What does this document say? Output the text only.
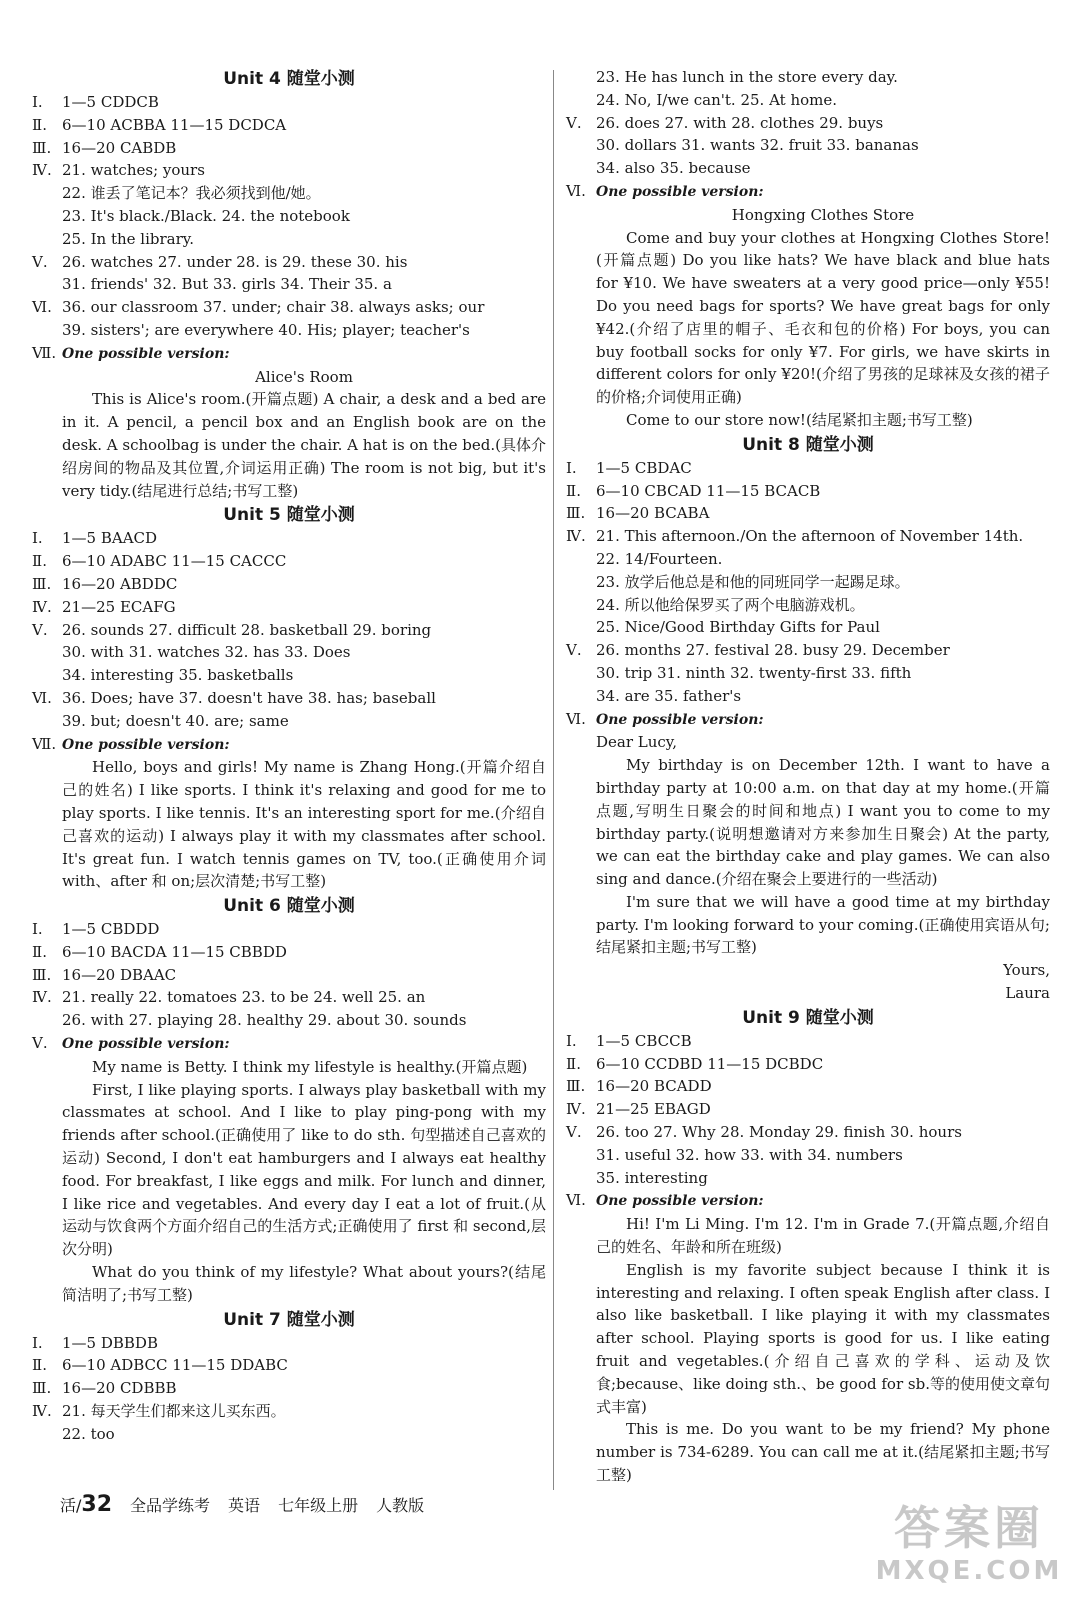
Unit 4 随堂小测
Ⅰ.	1—5 CDDCB
Ⅱ.	6—10 ACBBA 11—15 DCDCA
Ⅲ. 16—20 CABDB
Ⅳ. 21. watches; yours
22. 谁丢了笔记本？我必须找到他/她。
23. It's black./Black. 24. the notebook
25. In the library.
Ⅴ. 26. watches 27. under 28. is 29. these 30. his
31. friends' 32. But 33. girls 34. Their 35. a
Ⅵ. 36. our classroom 37. under; chair 38. always asks; our
39. sisters'; are everywhere 40. His; player; teacher's
Ⅶ. One possible version:

Alice's Room

This is Alice's room.(开篇点题) A chair, a desk and a bed are in it. A pencil, a pencil box and an English book are on the desk. A schoolbag is under the chair. A hat is on the bed.(具体介绍房间的物品及其位置,介词运用正确) The room is not big, but it's very tidy.(结尾进行总结;书写工整)

Unit 5 随堂小测
Ⅰ.	1—5 BAACD
Ⅱ.	6—10 ADABC 11—15 CACCC
Ⅲ. 16—20 ABDDC
Ⅳ. 21—25 ECAFG
Ⅴ. 26. sounds 27. difficult 28. basketball 29. boring
30. with 31. watches 32. has 33. Does
34. interesting 35. basketballs
Ⅵ. 36. Does; have 37. doesn't have 38. has; baseball
39. but; doesn't 40. are; same
Ⅶ. One possible version:

Hello, boys and girls! My name is Zhang Hong.(开篇介绍自己的姓名) I like sports. I think it's relaxing and good for me to play sports. I like tennis. It's an interesting sport for me.(介绍自己喜欢的运动) I always play it with my classmates after school. It's great fun. I watch tennis games on TV, too.(正确使用介词 with、after 和 on;层次清楚;书写工整)

Unit 6 随堂小测
Ⅰ.	1—5 CBDDD
Ⅱ.	6—10 BACDA 11—15 CBBDD
Ⅲ. 16—20 DBAAC
Ⅳ. 21. really 22. tomatoes 23. to be 24. well 25. an
26. with 27. playing 28. healthy 29. about 30. sounds
Ⅴ.	One possible version:

My name is Betty. I think my lifestyle is healthy.(开篇点题)

First, I like playing sports. I always play basketball with my classmates at school. And I like to play ping-pong with my friends after school.(正确使用了 like to do sth. 句型描述自己喜欢的运动) Second, I don't eat hamburgers and I always eat healthy food. For breakfast, I like eggs and milk. For lunch and dinner, I like rice and vegetables. And every day I eat a lot of fruit.(从运动与饮食两个方面介绍自己的生活方式;正确使用了 first 和 second,层次分明)

What do you think of my lifestyle? What about yours?(结尾简洁明了;书写工整)

Unit 7 随堂小测
Ⅰ.	1—5 DBBDB
Ⅱ.	6—10 ADBCC 11—15 DDABC
Ⅲ. 16—20 CDBBB
Ⅳ. 21. 每天学生们都来这儿买东西。
22. too
23. He has lunch in the store every day.
24. No, I/we can't. 25. At home.
Ⅴ. 26. does 27. with 28. clothes 29. buys
30. dollars 31. wants 32. fruit 33. bananas
34. also 35. because
Ⅵ. One possible version:

Hongxing Clothes Store

Come and buy your clothes at Hongxing Clothes Store!(开篇点题) Do you like hats? We have black and blue hats for ¥10. We have sweaters at a very good price—only ¥55! Do you need bags for sports? We have great bags for only ¥42.(介绍了店里的帽子、毛衣和包的价格) For boys, you can buy football socks for only ¥7. For girls, we have skirts in different colors for only ¥20!(介绍了男孩的足球袜及女孩的裙子的价格;介词使用正确)

Come to our store now!(结尾紧扣主题;书写工整)

Unit 8 随堂小测
Ⅰ.	1—5 CBDAC
Ⅱ.	6—10 CBCAD 11—15 BCACB
Ⅲ. 16—20 BCABA
Ⅳ. 21. This afternoon./On the afternoon of November 14th.
22. 14/Fourteen.
23. 放学后他总是和他的同班同学一起踢足球。
24. 所以他给保罗买了两个电脑游戏机。
25. Nice/Good Birthday Gifts for Paul
Ⅴ. 26. months 27. festival 28. busy 29. December
30. trip 31. ninth 32. twenty-first 33. fifth
34. are 35. father's
Ⅵ. One possible version:

Dear Lucy,

My birthday is on December 12th. I want to have a birthday party at 10:00 a.m. on that day at my home.(开篇点题,写明生日聚会的时间和地点) I want you to come to my birthday party.(说明想邀请对方来参加生日聚会) At the party, we can eat the birthday cake and play games. We can also sing and dance.(介绍在聚会上要进行的一些活动)

I'm sure that we will have a good time at my birthday party. I'm looking forward to your coming.(正确使用宾语从句;结尾紧扣主题;书写工整)

Yours,

Laura

Unit 9 随堂小测
Ⅰ.	1—5 CBCCB
Ⅱ.	6—10 CCDBD 11—15 DCBDC
Ⅲ. 16—20 BCADD
Ⅳ. 21—25 EBAGD
Ⅴ. 26. too 27. Why 28. Monday 29. finish 30. hours
31. useful 32. how 33. with 34. numbers
35. interesting
Ⅵ. One possible version:

Hi! I'm Li Ming. I'm 12. I'm in Grade 7.(开篇点题,介绍自己的姓名、年龄和所在班级)

English is my favorite subject because I think it is interesting and relaxing. I often speak English after class. I also like basketball. I like playing it with my classmates after school. Playing sports is good for us. I like eating fruit and vegetables.(介绍自己喜欢的学科、运动及饮食;because、like doing sth.、be good for sb.等的使用使文章句式丰富)

This is me. Do you want to be my friend? My phone number is 734-6289. You can call me at it.(结尾紧扣主题;书写工整)

活/32 全品学练考 英语 七年级上册 人教版	答案圈
MXQE.COM
